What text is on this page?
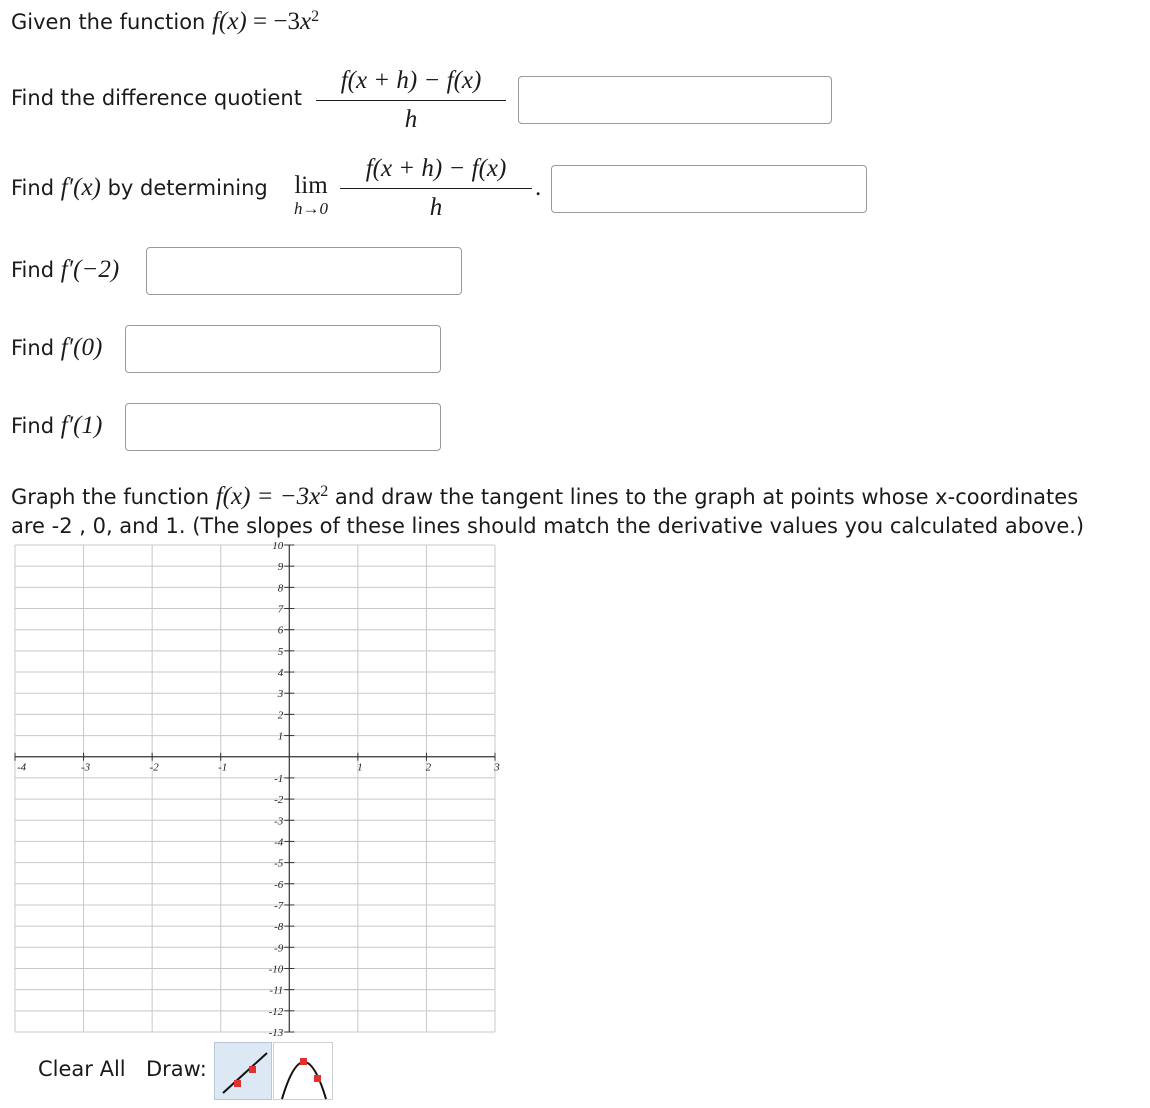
Given the function $f(x) = -3x^2$
Find the difference quotient
f(x + h) − f(x)
h
Find f′(x) by determining lim
h→0
f(x + h) − f(x)
h
.
Find f′(−2)
Find f′(0)
Find f′(1)
Graph the function $f(x) = -3x^2$ and draw the tangent lines to the graph at points whose x-coordinates
are -2 , 0, and 1. (The slopes of these lines should match the derivative values you calculated above.)
-4	-3	-2	-1	1	2	3
10
9
8
7
6
5
4
3
2
1
-1
-2
-3
-4
-5
-6
-7
-8
-9
-10
-11
-12
-13
Clear All Draw:
